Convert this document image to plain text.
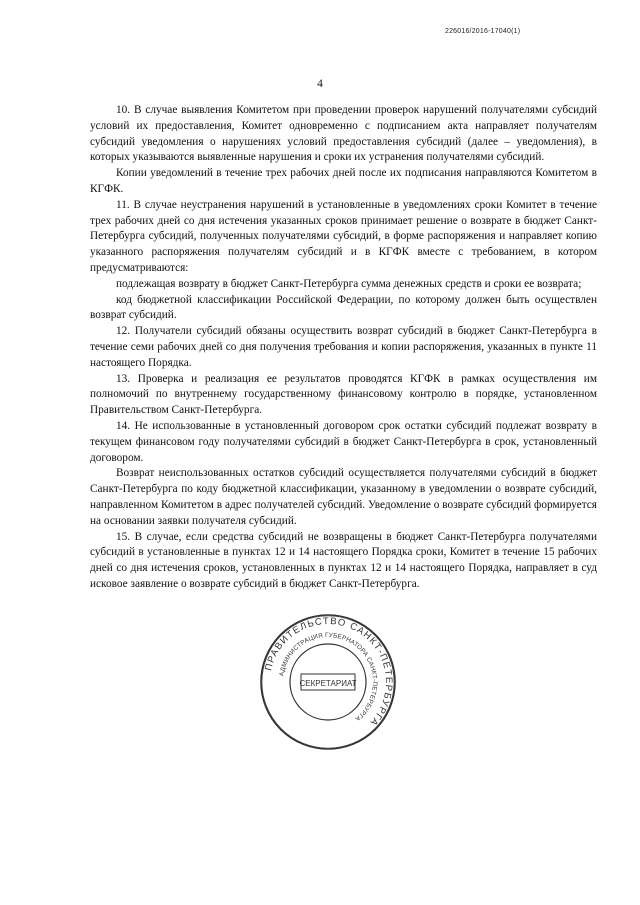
226016/2016-17040(1)
4

10. В случае выявления Комитетом при проведении проверок нарушений получателями субсидий условий их предоставления, Комитет одновременно с подписанием акта направляет получателям субсидий уведомления о нарушениях условий предоставления субсидий (далее – уведомления), в которых указываются выявленные нарушения и сроки их устранения получателями субсидий.

Копии уведомлений в течение трех рабочих дней после их подписания направляются Комитетом в КГФК.

11. В случае неустранения нарушений в установленные в уведомлениях сроки Комитет в течение трех рабочих дней со дня истечения указанных сроков принимает решение о возврате в бюджет Санкт-Петербурга субсидий, полученных получателями субсидий, в форме распоряжения и направляет копию указанного распоряжения получателям субсидий и в КГФК вместе с требованием, в котором предусматриваются:

подлежащая возврату в бюджет Санкт-Петербурга сумма денежных средств и сроки ее возврата;

код бюджетной классификации Российской Федерации, по которому должен быть осуществлен возврат субсидий.

12. Получатели субсидий обязаны осуществить возврат субсидий в бюджет Санкт-Петербурга в течение семи рабочих дней со дня получения требования и копии распоряжения, указанных в пункте 11 настоящего Порядка.

13. Проверка и реализация ее результатов проводятся КГФК в рамках осуществления им полномочий по внутреннему государственному финансовому контролю в порядке, установленном Правительством Санкт-Петербурга.

14. Не использованные в установленный договором срок остатки субсидий подлежат возврату в текущем финансовом году получателями субсидий в бюджет Санкт-Петербурга в срок, установленный договором.

Возврат неиспользованных остатков субсидий осуществляется получателями субсидий в бюджет Санкт-Петербурга по коду бюджетной классификации, указанному в уведомлении о возврате субсидий, направленном Комитетом в адрес получателей субсидий. Уведомление о возврате субсидий формируется на основании заявки получателя субсидий.

15. В случае, если средства субсидий не возвращены в бюджет Санкт-Петербурга получателями субсидий в установленные в пунктах 12 и 14 настоящего Порядка сроки, Комитет в течение 15 рабочих дней со дня истечения сроков, установленных в пунктах 12 и 14 настоящего Порядка, направляет в суд исковое заявление о возврате субсидий в бюджет Санкт-Петербурга.

ПРАВИТЕЛЬСТВО САНКТ-ПЕТЕРБУРГА
АДМИНИСТРАЦИЯ ГУБЕРНАТОРА САНКТ-ПЕТЕРБУРГА
СЕКРЕТАРИАТ
